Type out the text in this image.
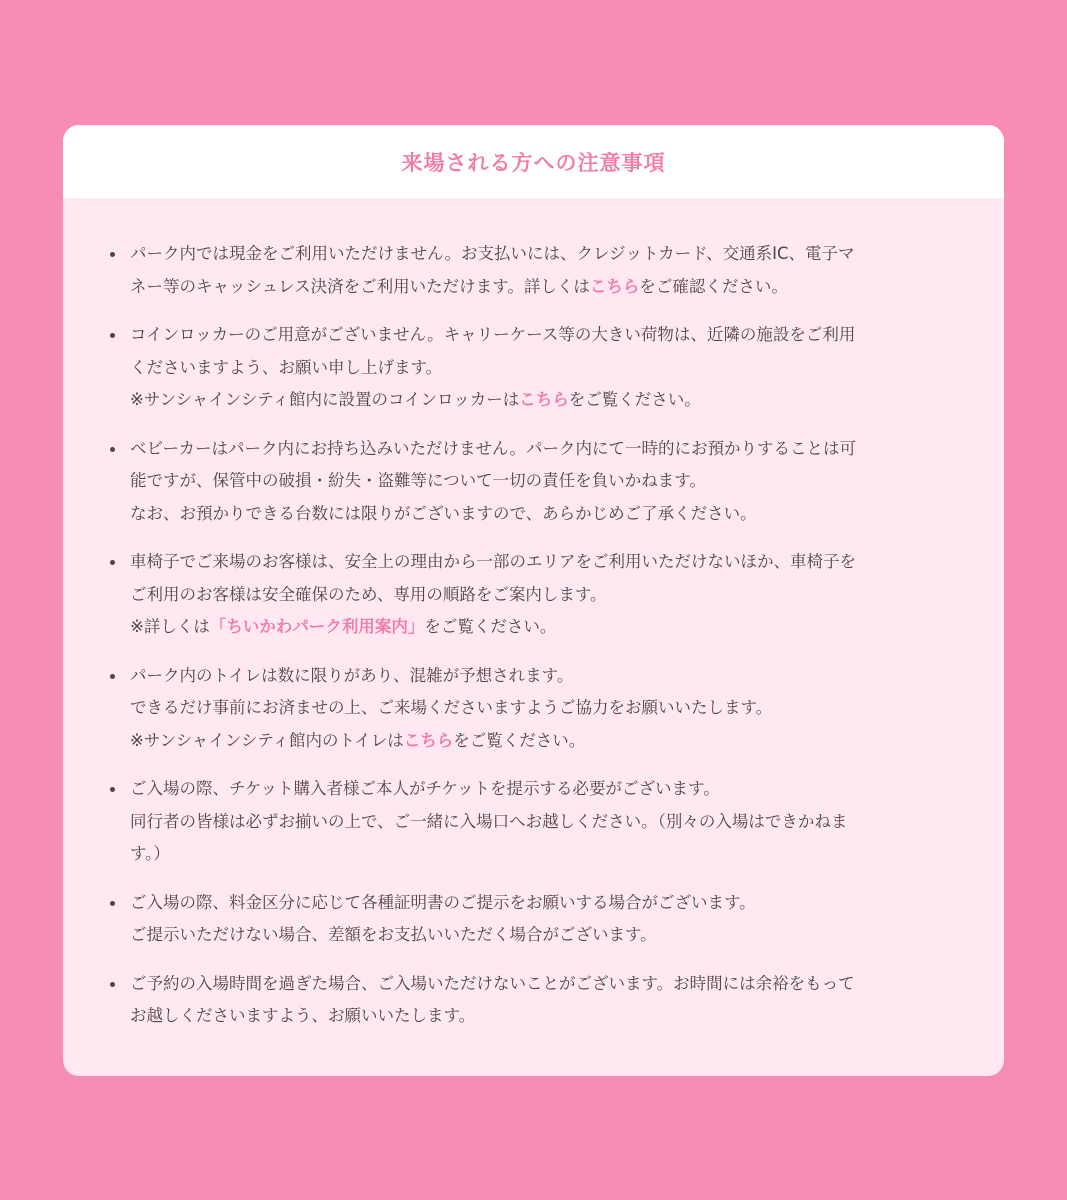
来場される方への注意事項
パーク内では現金をご利用いただけません。お支払いには、クレジットカード、交通系IC、電子マ
ネー等のキャッシュレス決済をご利用いただけます。詳しくはこちらをご確認ください。
コインロッカーのご用意がございません。キャリーケース等の大きい荷物は、近隣の施設をご利用
くださいますよう、お願い申し上げます。
※サンシャインシティ館内に設置のコインロッカーはこちらをご覧ください。
ベビーカーはパーク内にお持ち込みいただけません。パーク内にて一時的にお預かりすることは可
能ですが、保管中の破損・紛失・盗難等について一切の責任を負いかねます。
なお、お預かりできる台数には限りがございますので、あらかじめご了承ください。
車椅子でご来場のお客様は、安全上の理由から一部のエリアをご利用いただけないほか、車椅子を
ご利用のお客様は安全確保のため、専用の順路をご案内します。
※詳しくは「ちいかわパーク利用案内」をご覧ください。
パーク内のトイレは数に限りがあり、混雑が予想されます。
できるだけ事前にお済ませの上、ご来場くださいますようご協力をお願いいたします。
※サンシャインシティ館内のトイレはこちらをご覧ください。
ご入場の際、チケット購入者様ご本人がチケットを提示する必要がございます。
同行者の皆様は必ずお揃いの上で、ご一緒に入場口へお越しください。（別々の入場はできかねま
す。）
ご入場の際、料金区分に応じて各種証明書のご提示をお願いする場合がございます。
ご提示いただけない場合、差額をお支払いいただく場合がございます。
ご予約の入場時間を過ぎた場合、ご入場いただけないことがございます。お時間には余裕をもって
お越しくださいますよう、お願いいたします。
